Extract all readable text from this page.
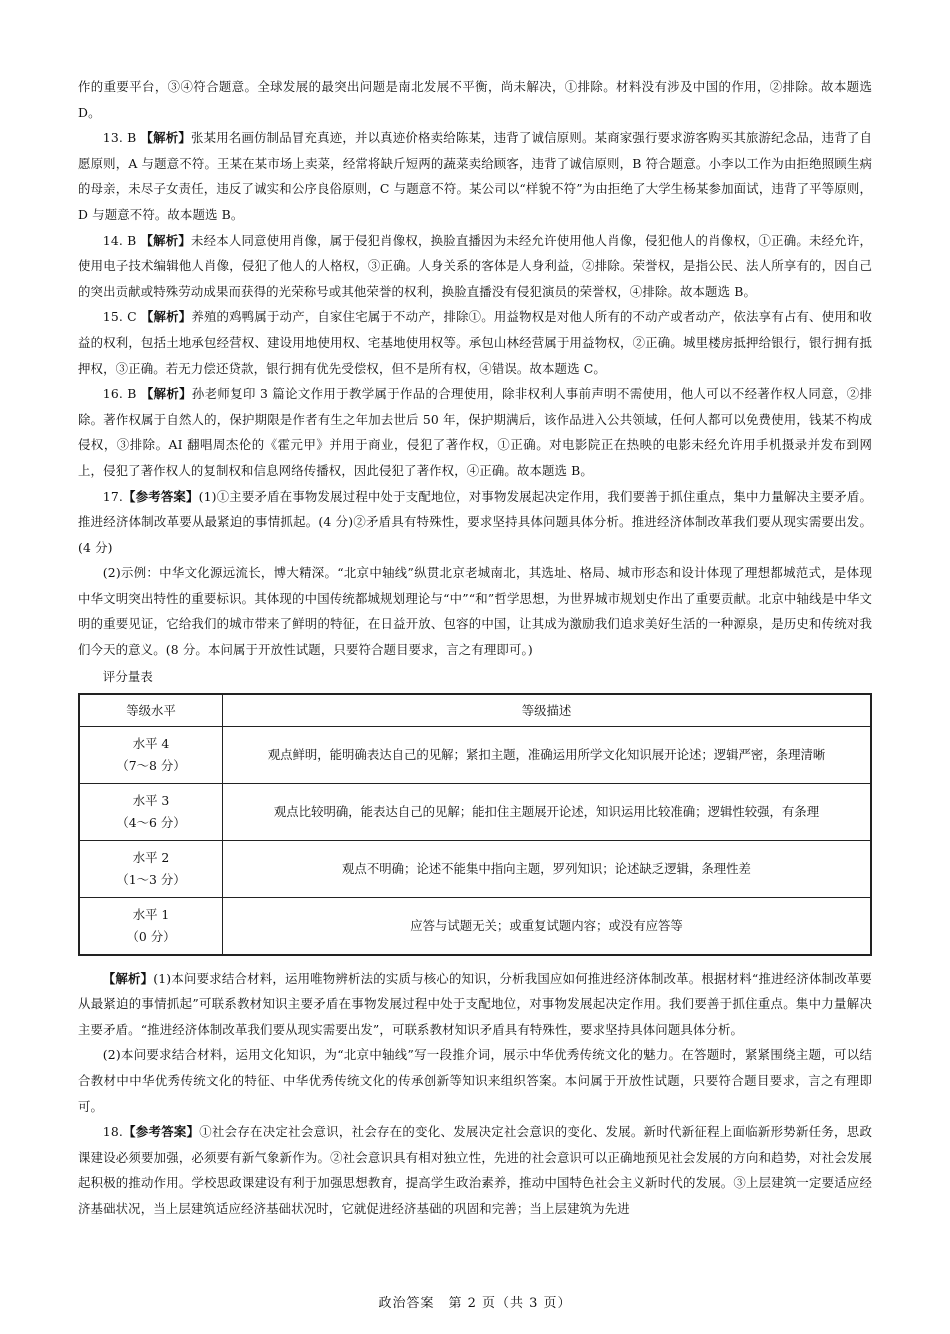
作的重要平台，③④符合题意。全球发展的最突出问题是南北发展不平衡，尚未解决，①排除。材料没有涉及中国的作用，②排除。故本题选 D。

13. B 【解析】张某用名画仿制品冒充真迹，并以真迹价格卖给陈某，违背了诚信原则。某商家强行要求游客购买其旅游纪念品，违背了自愿原则，A 与题意不符。王某在某市场上卖菜，经常将缺斤短两的蔬菜卖给顾客，违背了诚信原则，B 符合题意。小李以工作为由拒绝照顾生病的母亲，未尽子女责任，违反了诚实和公序良俗原则，C 与题意不符。某公司以“样貌不符”为由拒绝了大学生杨某参加面试，违背了平等原则，D 与题意不符。故本题选 B。

14. B 【解析】未经本人同意使用肖像，属于侵犯肖像权，换脸直播因为未经允许使用他人肖像，侵犯他人的肖像权，①正确。未经允许，使用电子技术编辑他人肖像，侵犯了他人的人格权，③正确。人身关系的客体是人身利益，②排除。荣誉权，是指公民、法人所享有的，因自己的突出贡献或特殊劳动成果而获得的光荣称号或其他荣誉的权利，换脸直播没有侵犯演员的荣誉权，④排除。故本题选 B。

15. C 【解析】养殖的鸡鸭属于动产，自家住宅属于不动产，排除①。用益物权是对他人所有的不动产或者动产，依法享有占有、使用和收益的权利，包括土地承包经营权、建设用地使用权、宅基地使用权等。承包山林经营属于用益物权，②正确。城里楼房抵押给银行，银行拥有抵押权，③正确。若无力偿还贷款，银行拥有优先受偿权，但不是所有权，④错误。故本题选 C。

16. B 【解析】孙老师复印 3 篇论文作用于教学属于作品的合理使用，除非权利人事前声明不需使用，他人可以不经著作权人同意，②排除。著作权属于自然人的，保护期限是作者有生之年加去世后 50 年，保护期满后，该作品进入公共领域，任何人都可以免费使用，钱某不构成侵权，③排除。AI 翻唱周杰伦的《霍元甲》并用于商业，侵犯了著作权，①正确。对电影院正在热映的电影未经允许用手机摄录并发布到网上，侵犯了著作权人的复制权和信息网络传播权，因此侵犯了著作权，④正确。故本题选 B。

17.【参考答案】(1)①主要矛盾在事物发展过程中处于支配地位，对事物发展起决定作用，我们要善于抓住重点，集中力量解决主要矛盾。推进经济体制改革要从最紧迫的事情抓起。(4 分)②矛盾具有特殊性，要求坚持具体问题具体分析。推进经济体制改革我们要从现实需要出发。(4 分)

(2)示例：中华文化源远流长，博大精深。“北京中轴线”纵贯北京老城南北，其选址、格局、城市形态和设计体现了理想都城范式，是体现中华文明突出特性的重要标识。其体现的中国传统都城规划理论与“中”“和”哲学思想，为世界城市规划史作出了重要贡献。北京中轴线是中华文明的重要见证，它给我们的城市带来了鲜明的特征，在日益开放、包容的中国，让其成为激励我们追求美好生活的一种源泉，是历史和传统对我们今天的意义。(8 分。本问属于开放性试题，只要符合题目要求，言之有理即可。)

评分量表

等级水平	等级描述

水平 4
（7～8 分）	观点鲜明，能明确表达自己的见解；紧扣主题，准确运用所学文化知识展开论述；逻辑严密，条理清晰

水平 3
（4～6 分）	观点比较明确，能表达自己的见解；能扣住主题展开论述，知识运用比较准确；逻辑性较强，有条理

水平 2
（1～3 分）	观点不明确；论述不能集中指向主题，罗列知识；论述缺乏逻辑，条理性差

水平 1
（0 分）	应答与试题无关；或重复试题内容；或没有应答等

【解析】(1)本问要求结合材料，运用唯物辨析法的实质与核心的知识，分析我国应如何推进经济体制改革。根据材料“推进经济体制改革要从最紧迫的事情抓起”可联系教材知识主要矛盾在事物发展过程中处于支配地位，对事物发展起决定作用。我们要善于抓住重点。集中力量解决主要矛盾。“推进经济体制改革我们要从现实需要出发”，可联系教材知识矛盾具有特殊性，要求坚持具体问题具体分析。

(2)本问要求结合材料，运用文化知识，为“北京中轴线”写一段推介词，展示中华优秀传统文化的魅力。在答题时，紧紧围绕主题，可以结合教材中中华优秀传统文化的特征、中华优秀传统文化的传承创新等知识来组织答案。本问属于开放性试题，只要符合题目要求，言之有理即可。

18.【参考答案】①社会存在决定社会意识，社会存在的变化、发展决定社会意识的变化、发展。新时代新征程上面临新形势新任务，思政课建设必须要加强，必须要有新气象新作为。②社会意识具有相对独立性，先进的社会意识可以正确地预见社会发展的方向和趋势，对社会发展起积极的推动作用。学校思政课建设有利于加强思想教育，提高学生政治素养，推动中国特色社会主义新时代的发展。③上层建筑一定要适应经济基础状况，当上层建筑适应经济基础状况时，它就促进经济基础的巩固和完善；当上层建筑为先进

政治答案　第 2 页（共 3 页）
